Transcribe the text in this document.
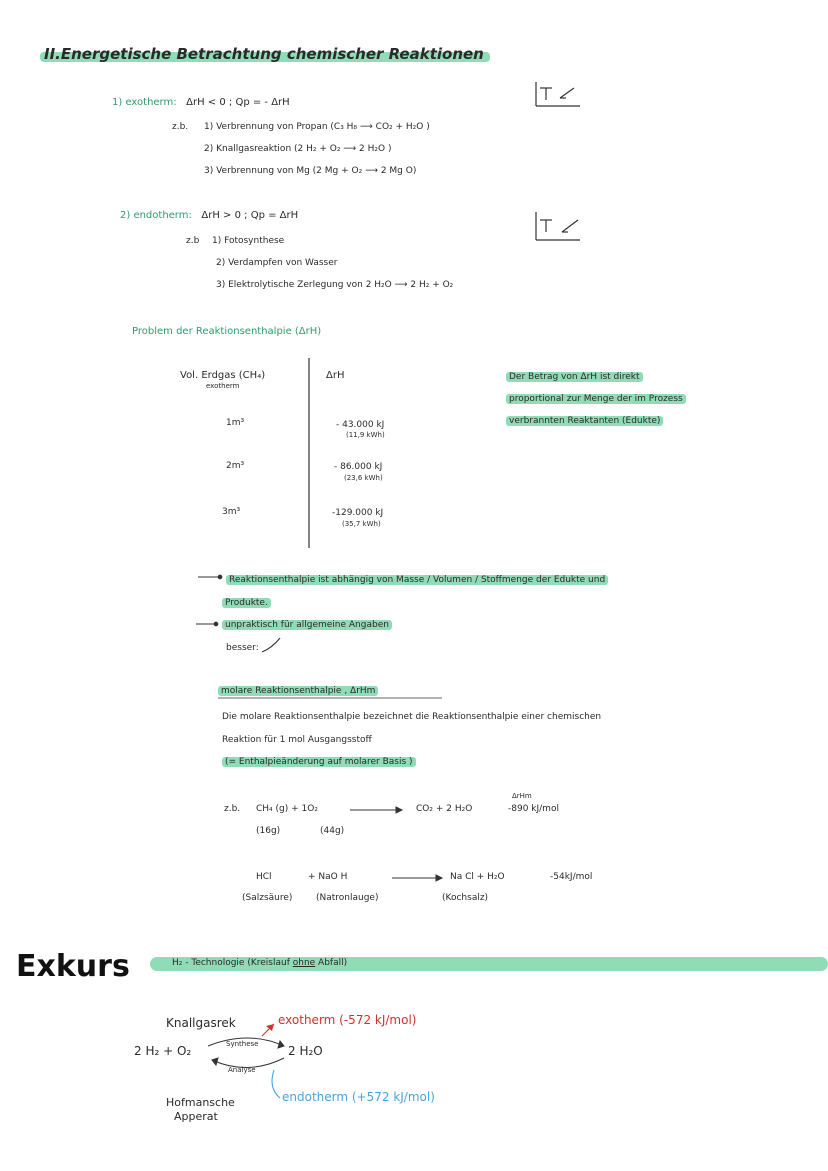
II.Energetische Betrachtung chemischer Reaktionen
1) exotherm: ΔrH < 0 ; Qp = - ΔrH
z.b. 1) Verbrennung von Propan (C₃ H₈ ⟶ CO₂ + H₂O )
2) Knallgasreaktion (2 H₂ + O₂ ⟶ 2 H₂O )
3) Verbrennung von Mg (2 Mg + O₂ ⟶ 2 Mg O)
2) endotherm: ΔrH > 0 ; Qp = ΔrH
z.b 1) Fotosynthese
2) Verdampfen von Wasser
3) Elektrolytische Zerlegung von 2 H₂O ⟶ 2 H₂ + O₂
Problem der Reaktionsenthalpie (ΔrH)
Vol. Erdgas (CH₄)
exotherm
ΔrH
1m³	- 43.000 kJ
(11,9 kWh)
2m³	- 86.000 kJ
(23,6 kWh)
3m³	-129.000 kJ
(35,7 kWh)
Der Betrag von ΔrH ist direkt
proportional zur Menge der im Prozess
verbrannten Reaktanten (Edukte)
Reaktionsenthalpie ist abhängig von Masse / Volumen / Stoffmenge der Edukte und
Produkte.
unpraktisch für allgemeine Angaben
besser:
molare Reaktionsenthalpie , ΔrHm
Die molare Reaktionsenthalpie bezeichnet die Reaktionsenthalpie einer chemischen
Reaktion für 1 mol Ausgangsstoff
(= Enthalpieänderung auf molarer Basis )
z.b. CH₄ (g) + 1O₂	CO₂ + 2 H₂O
(16g)	(44g)
ΔrHm
-890 kJ/mol
HCl	+ NaO H	Na Cl + H₂O	-54kJ/mol
(Salzsäure)	(Natronlauge)	(Kochsalz)
Exkurs	H₂ - Technologie (Kreislauf ohne Abfall)
Knallgasrek	exotherm (-572 kJ/mol)
2 H₂ + O₂	Synthese 2 H₂O
Analyse
endotherm (+572 kJ/mol)
Hofmansche
Apperat
